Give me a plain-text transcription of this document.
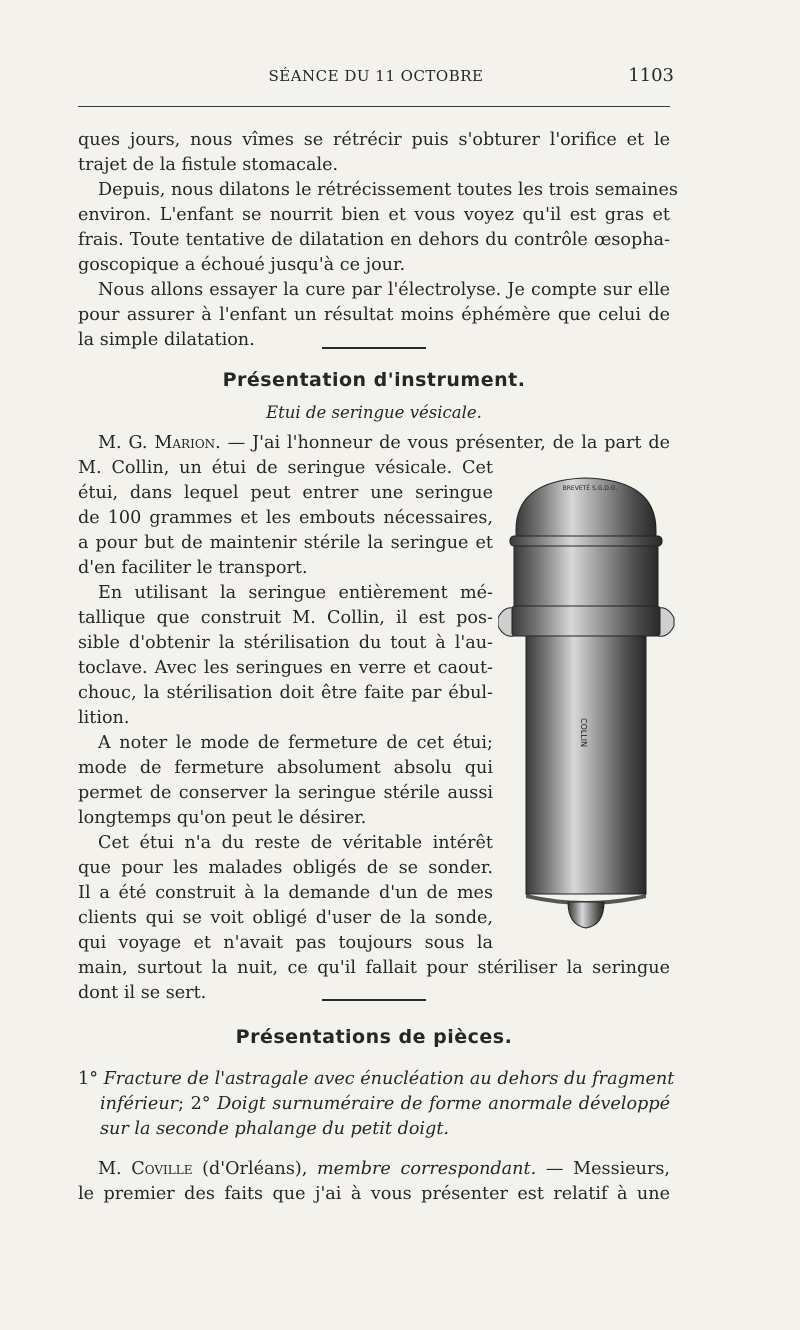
SÉANCE DU 11 OCTOBRE	1103
ques jours, nous vîmes se rétrécir puis s'obturer l'orifice et le
trajet de la fistule stomacale.
Depuis, nous dilatons le rétrécissement toutes les trois semaines
environ. L'enfant se nourrit bien et vous voyez qu'il est gras et
frais. Toute tentative de dilatation en dehors du contrôle œsopha-
goscopique a échoué jusqu'à ce jour.
Nous allons essayer la cure par l'électrolyse. Je compte sur elle
pour assurer à l'enfant un résultat moins éphémère que celui de
la simple dilatation.
Présentation d'instrument.
Etui de seringue vésicale.
M. G. Marion. — J'ai l'honneur de vous présenter, de la part de
M. Collin, un étui de seringue vésicale. Cet
étui, dans lequel peut entrer une seringue
de 100 grammes et les embouts nécessaires,
a pour but de maintenir stérile la seringue et
d'en faciliter le transport.
En utilisant la seringue entièrement mé-
tallique que construit M. Collin, il est pos-
sible d'obtenir la stérilisation du tout à l'au-
toclave. Avec les seringues en verre et caout-
chouc, la stérilisation doit être faite par ébul-
lition.
A noter le mode de fermeture de cet étui;
mode de fermeture absolument absolu qui
permet de conserver la seringue stérile aussi
longtemps qu'on peut le désirer.
Cet étui n'a du reste de véritable intérêt
que pour les malades obligés de se sonder.
Il a été construit à la demande d'un de mes
clients qui se voit obligé d'user de la sonde,
qui voyage et n'avait pas toujours sous la
main, surtout la nuit, ce qu'il fallait pour stériliser la seringue
dont il se sert.
BREVETÉ S.G.D.G.
COLLIN
Présentations de pièces.
1° Fracture de l'astragale avec énucléation au dehors du fragment
inférieur; 2° Doigt surnuméraire de forme anormale développé
sur la seconde phalange du petit doigt.
M. Coville (d'Orléans), membre correspondant. — Messieurs,
le premier des faits que j'ai à vous présenter est relatif à une
